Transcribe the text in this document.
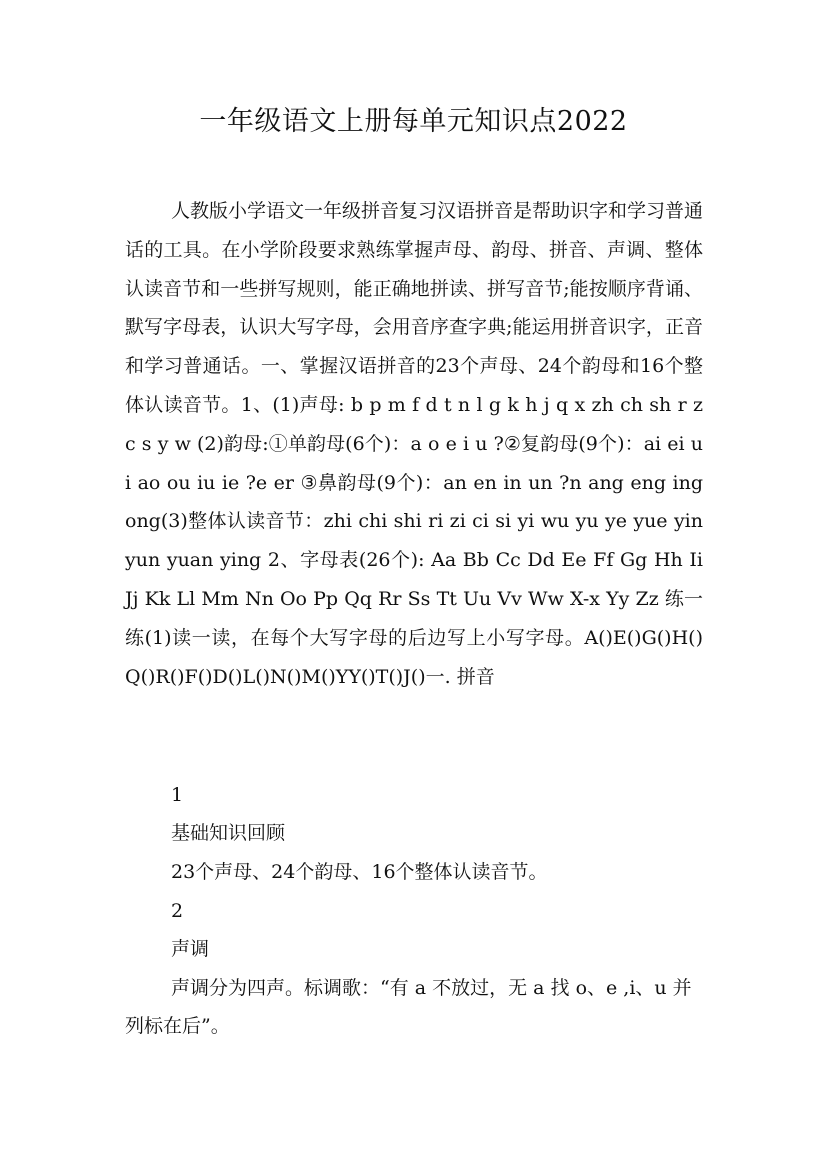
一年级语文上册每单元知识点2022

人教版小学语文一年级拼音复习汉语拼音是帮助识字和学习普通话的工具。在小学阶段要求熟练掌握声母、韵母、拼音、声调、整体认读音节和一些拼写规则，能正确地拼读、拼写音节;能按顺序背诵、默写字母表，认识大写字母，会用音序查字典;能运用拼音识字，正音和学习普通话。一、掌握汉语拼音的23个声母、24个韵母和16个整体认读音节。1、(1)声母: b p m f d t n l g k h j q x zh ch sh r z c s y w (2)韵母:①单韵母(6个)：a o e i u ?②复韵母(9个)：ai ei ui ao ou iu ie ?e er ③鼻韵母(9个)：an en in un ?n ang eng ing ong(3)整体认读音节：zhi chi shi ri zi ci si yi wu yu ye yue yin yun yuan ying 2、字母表(26个): Aa Bb Cc Dd Ee Ff Gg Hh Ii Jj Kk Ll Mm Nn Oo Pp Qq Rr Ss Tt Uu Vv Ww X-x Yy Zz 练一练(1)读一读，在每个大写字母的后边写上小写字母。A()E()G()H()Q()R()F()D()L()N()M()YY()T()J()一. 拼音

1

基础知识回顾

23个声母、24个韵母、16个整体认读音节。

2

声调

声调分为四声。标调歌：“有 a 不放过，无 a 找 o、e ,i、u 并列标在后”。
